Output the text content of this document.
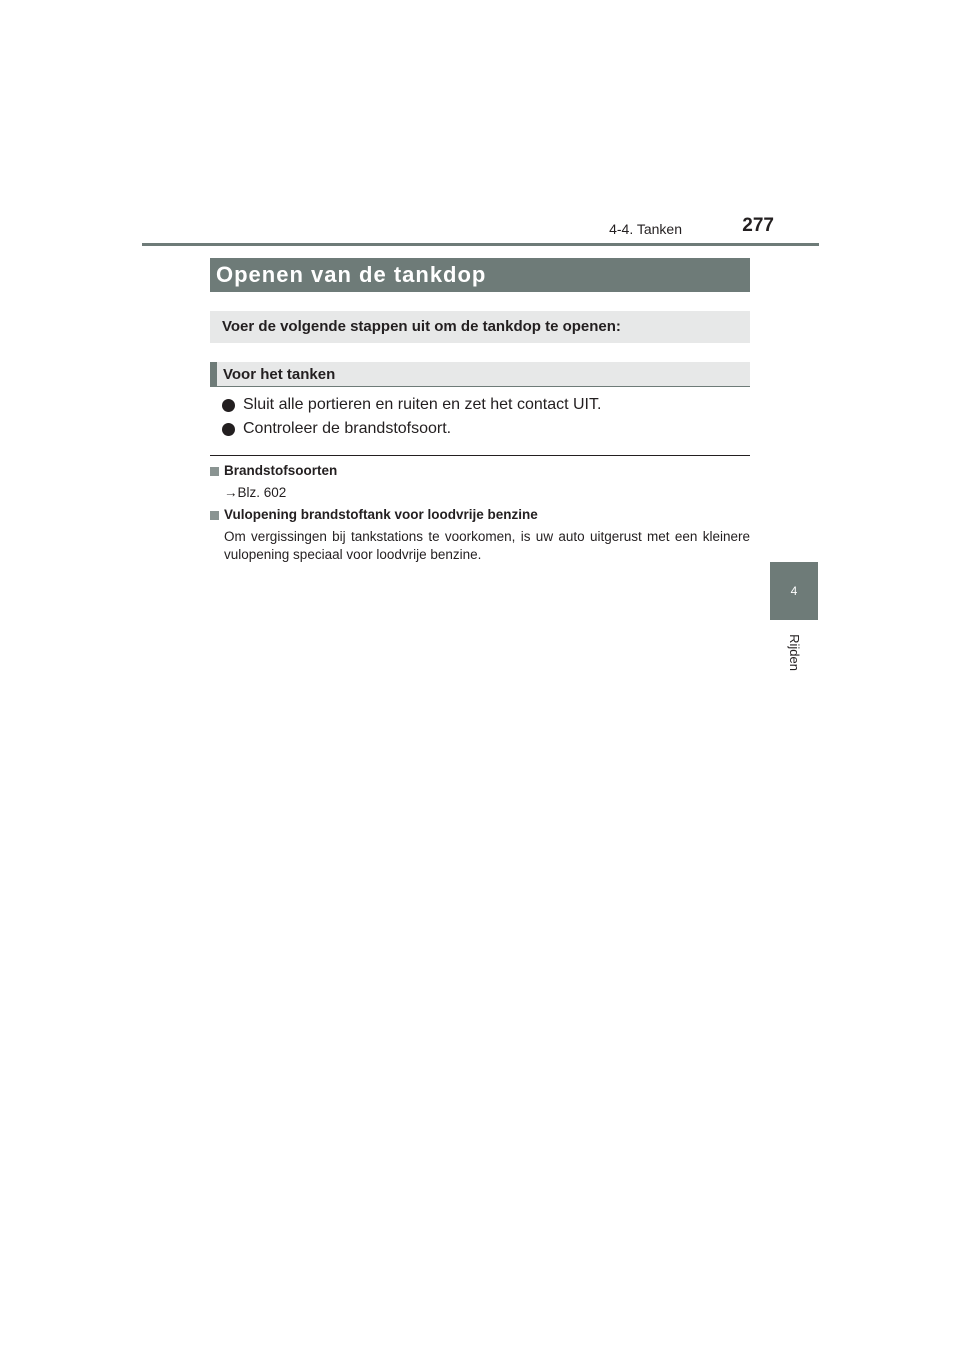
4-4. Tanken	277
4
Rijden
Openen van de tankdop
Voer de volgende stappen uit om de tankdop te openen:
Voor het tanken
Sluit alle portieren en ruiten en zet het contact UIT.
Controleer de brandstofsoort.
Brandstofsoorten
→Blz. 602
Vulopening brandstoftank voor loodvrije benzine
Om vergissingen bij tankstations te voorkomen, is uw auto uitgerust met een kleinere vulopening speciaal voor loodvrije benzine.
